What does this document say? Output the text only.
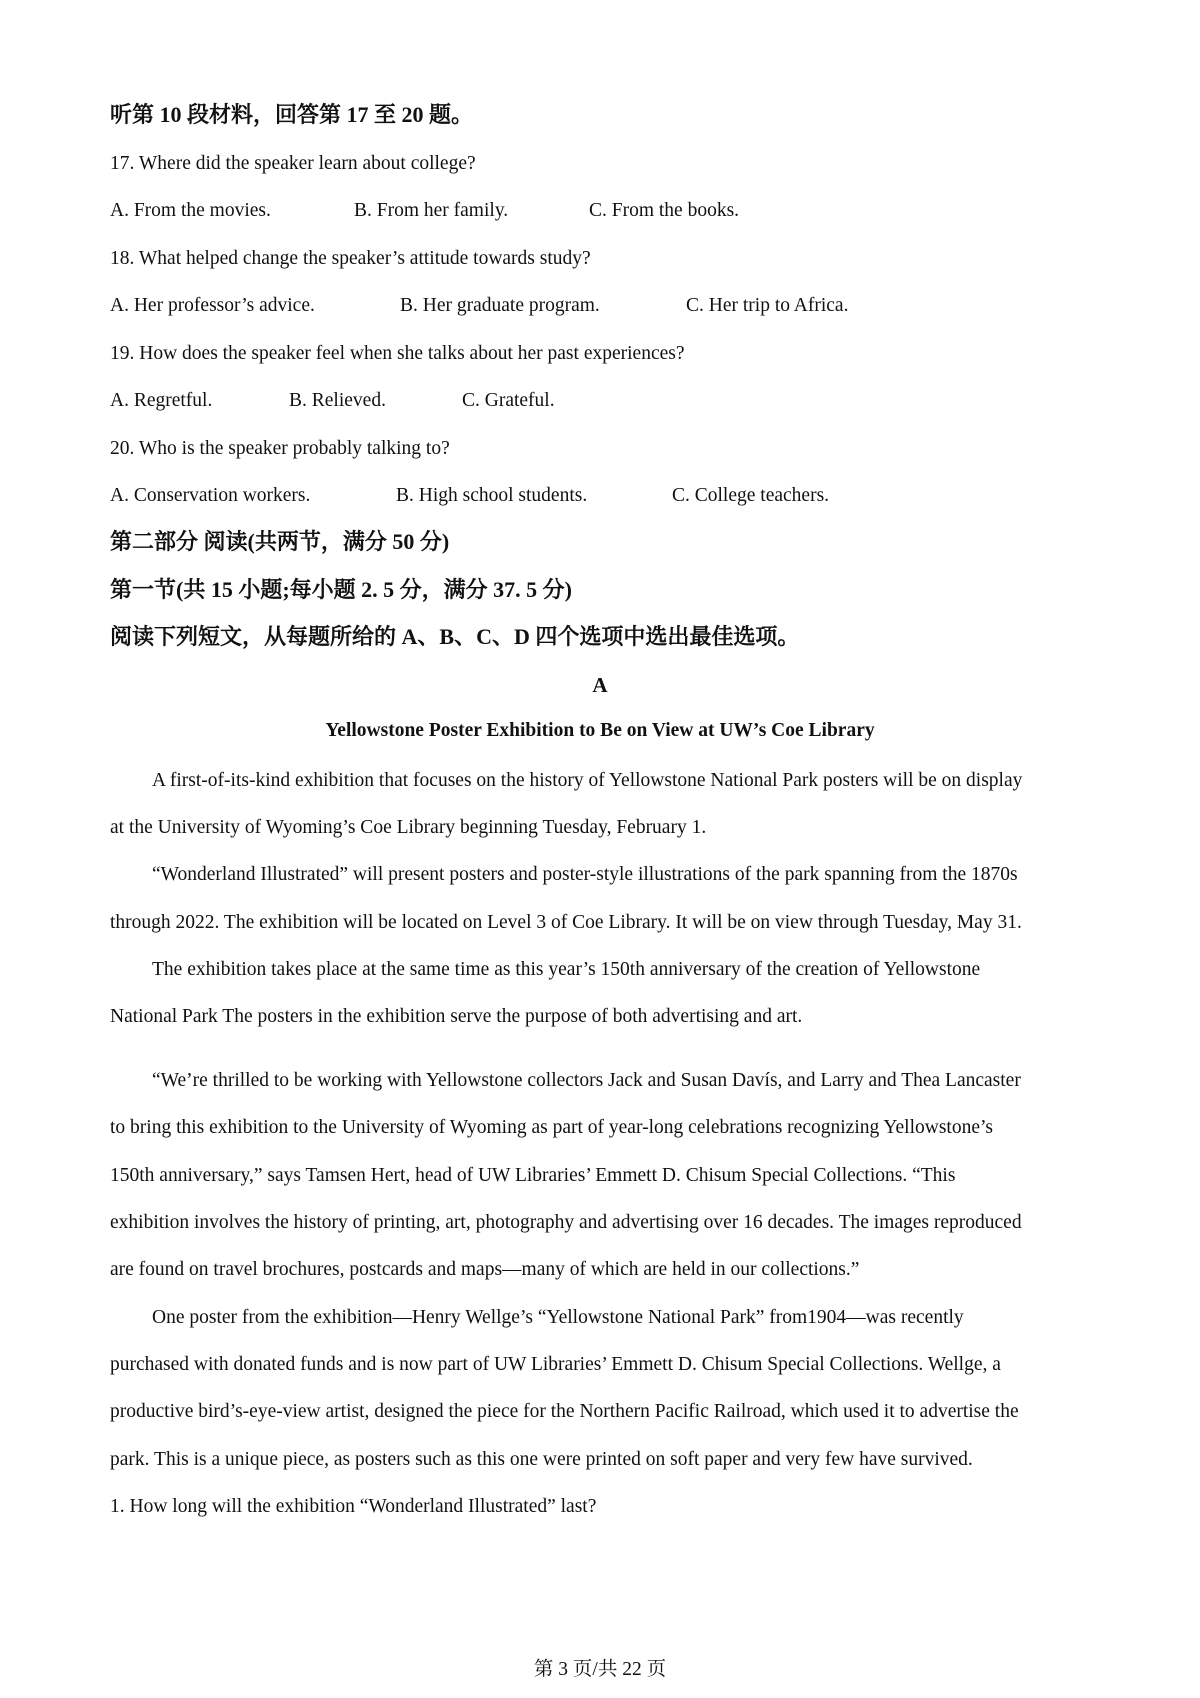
听第 10 段材料，回答第 17 至 20 题。
17. Where did the speaker learn about college?
A. From the movies.	B. From her family.	C. From the books.
18. What helped change the speaker’s attitude towards study?
A. Her professor’s advice.	B. Her graduate program.	C. Her trip to Africa.
19. How does the speaker feel when she talks about her past experiences?
A. Regretful.	B. Relieved.	C. Grateful.
20. Who is the speaker probably talking to?
A. Conservation workers.	B. High school students.	C. College teachers.
第二部分 阅读(共两节，满分 50 分)
第一节(共 15 小题;每小题 2. 5 分，满分 37. 5 分)
阅读下列短文，从每题所给的 A、B、C、D 四个选项中选出最佳选项。
A
Yellowstone Poster Exhibition to Be on View at UW’s Coe Library
A first-of-its-kind exhibition that focuses on the history of Yellowstone National Park posters will be on display
at the University of Wyoming’s Coe Library beginning Tuesday, February 1.
“Wonderland Illustrated” will present posters and poster-style illustrations of the park spanning from the 1870s
through 2022. The exhibition will be located on Level 3 of Coe Library. It will be on view through Tuesday, May 31.
The exhibition takes place at the same time as this year’s 150th anniversary of the creation of Yellowstone
National Park The posters in the exhibition serve the purpose of both advertising and art.
“We’re thrilled to be working with Yellowstone collectors Jack and Susan Davís, and Larry and Thea Lancaster
to bring this exhibition to the University of Wyoming as part of year-long celebrations recognizing Yellowstone’s
150th anniversary,” says Tamsen Hert, head of UW Libraries’ Emmett D. Chisum Special Collections. “This
exhibition involves the history of printing, art, photography and advertising over 16 decades. The images reproduced
are found on travel brochures, postcards and maps—many of which are held in our collections.”
One poster from the exhibition—Henry Wellge’s “Yellowstone National Park” from1904—was recently
purchased with donated funds and is now part of UW Libraries’ Emmett D. Chisum Special Collections. Wellge, a
productive bird’s-eye-view artist, designed the piece for the Northern Pacific Railroad, which used it to advertise the
park. This is a unique piece, as posters such as this one were printed on soft paper and very few have survived.
1. How long will the exhibition “Wonderland Illustrated” last?
第 3 页/共 22 页
